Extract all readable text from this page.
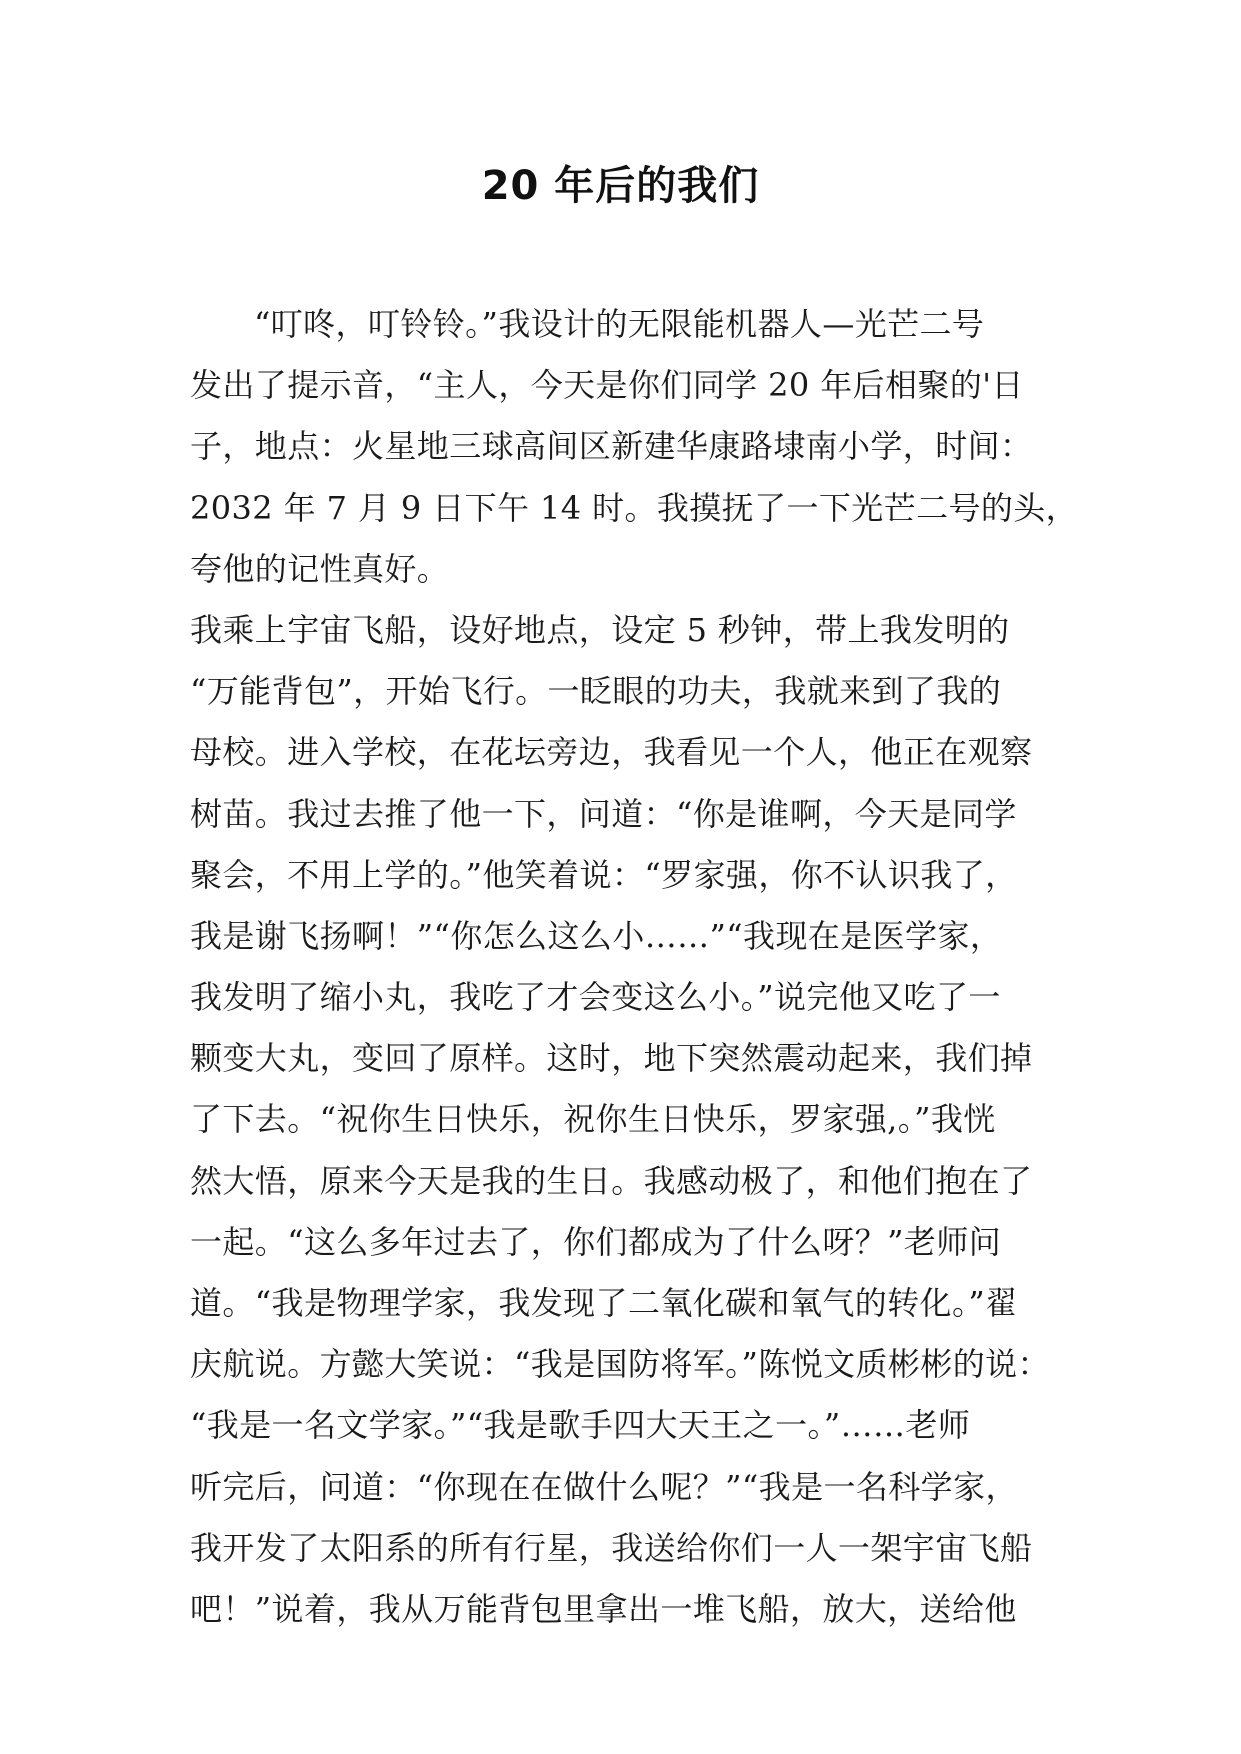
20 年后的我们
“叮咚，叮铃铃。”我设计的无限能机器人—光芒二号
发出了提示音，“主人，今天是你们同学 20 年后相聚的'日
子，地点：火星地三球高间区新建华康路埭南小学，时间：
2032 年 7 月 9 日下午 14 时。我摸抚了一下光芒二号的头，
夸他的记性真好。
我乘上宇宙飞船，设好地点，设定 5 秒钟，带上我发明的
“万能背包”，开始飞行。一眨眼的功夫，我就来到了我的
母校。进入学校，在花坛旁边，我看见一个人，他正在观察
树苗。我过去推了他一下，问道：“你是谁啊，今天是同学
聚会，不用上学的。”他笑着说：“罗家强，你不认识我了，
我是谢飞扬啊！”“你怎么这么小……”“我现在是医学家，
我发明了缩小丸，我吃了才会变这么小。”说完他又吃了一
颗变大丸，变回了原样。这时，地下突然震动起来，我们掉
了下去。“祝你生日快乐，祝你生日快乐，罗家强,。”我恍
然大悟，原来今天是我的生日。我感动极了，和他们抱在了
一起。“这么多年过去了，你们都成为了什么呀？”老师问
道。“我是物理学家，我发现了二氧化碳和氧气的转化。”翟
庆航说。方懿大笑说：“我是国防将军。”陈悦文质彬彬的说：
“我是一名文学家。”“我是歌手四大天王之一。”……老师
听完后，问道：“你现在在做什么呢？”“我是一名科学家，
我开发了太阳系的所有行星，我送给你们一人一架宇宙飞船
吧！”说着，我从万能背包里拿出一堆飞船，放大，送给他
